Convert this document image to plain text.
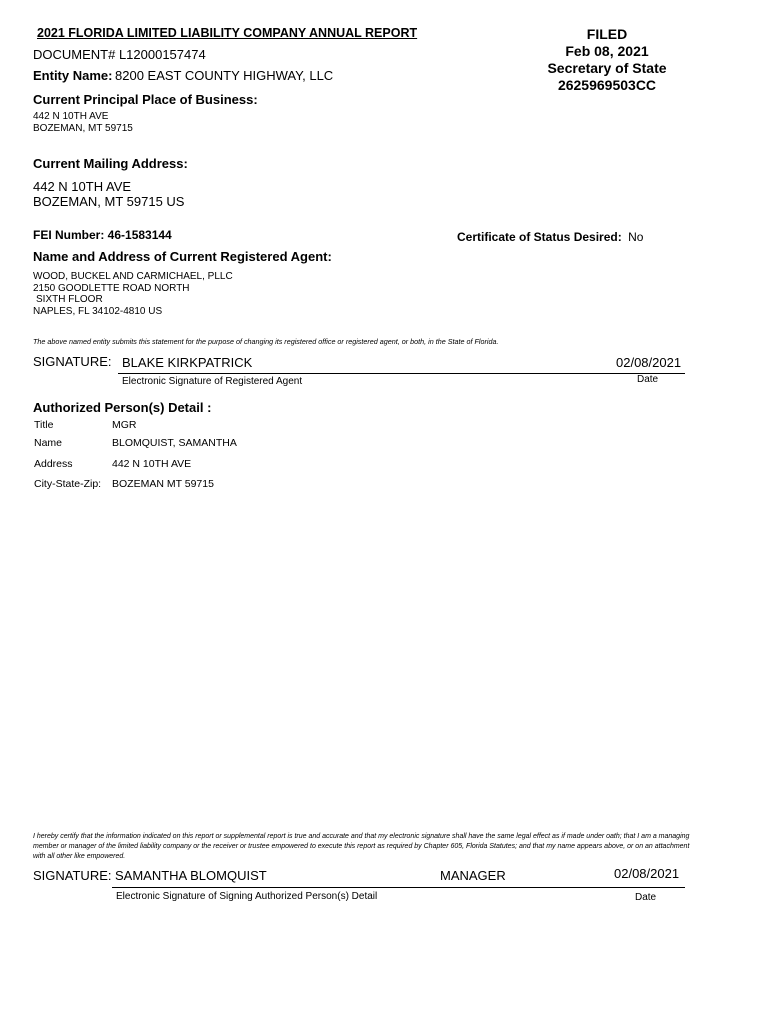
2021 FLORIDA LIMITED LIABILITY COMPANY ANNUAL REPORT
DOCUMENT# L12000157474
Entity Name: 8200 EAST COUNTY HIGHWAY, LLC
FILED
Feb 08, 2021
Secretary of State
2625969503CC
Current Principal Place of Business:
442 N 10TH AVE
BOZEMAN, MT 59715
Current Mailing Address:
442 N 10TH AVE
BOZEMAN, MT 59715 US
FEI Number: 46-1583144	Certificate of Status Desired: No
Name and Address of Current Registered Agent:
WOOD, BUCKEL AND CARMICHAEL, PLLC
2150 GOODLETTE ROAD NORTH
SIXTH FLOOR
NAPLES, FL 34102-4810 US
The above named entity submits this statement for the purpose of changing its registered office or registered agent, or both, in the State of Florida.
SIGNATURE: BLAKE KIRKPATRICK	02/08/2021
Electronic Signature of Registered Agent	Date
Authorized Person(s) Detail :
Title	MGR
Name	BLOMQUIST, SAMANTHA
Address	442 N 10TH AVE
City-State-Zip: BOZEMAN MT 59715
I hereby certify that the information indicated on this report or supplemental report is true and accurate and that my electronic signature shall have the same legal effect as if made under oath; that I am a managing member or manager of the limited liability company or the receiver or trustee empowered to execute this report as required by Chapter 605, Florida Statutes; and that my name appears above, or on an attachment with all other like empowered.
SIGNATURE: SAMANTHA BLOMQUIST	MANAGER	02/08/2021
Electronic Signature of Signing Authorized Person(s) Detail	Date
